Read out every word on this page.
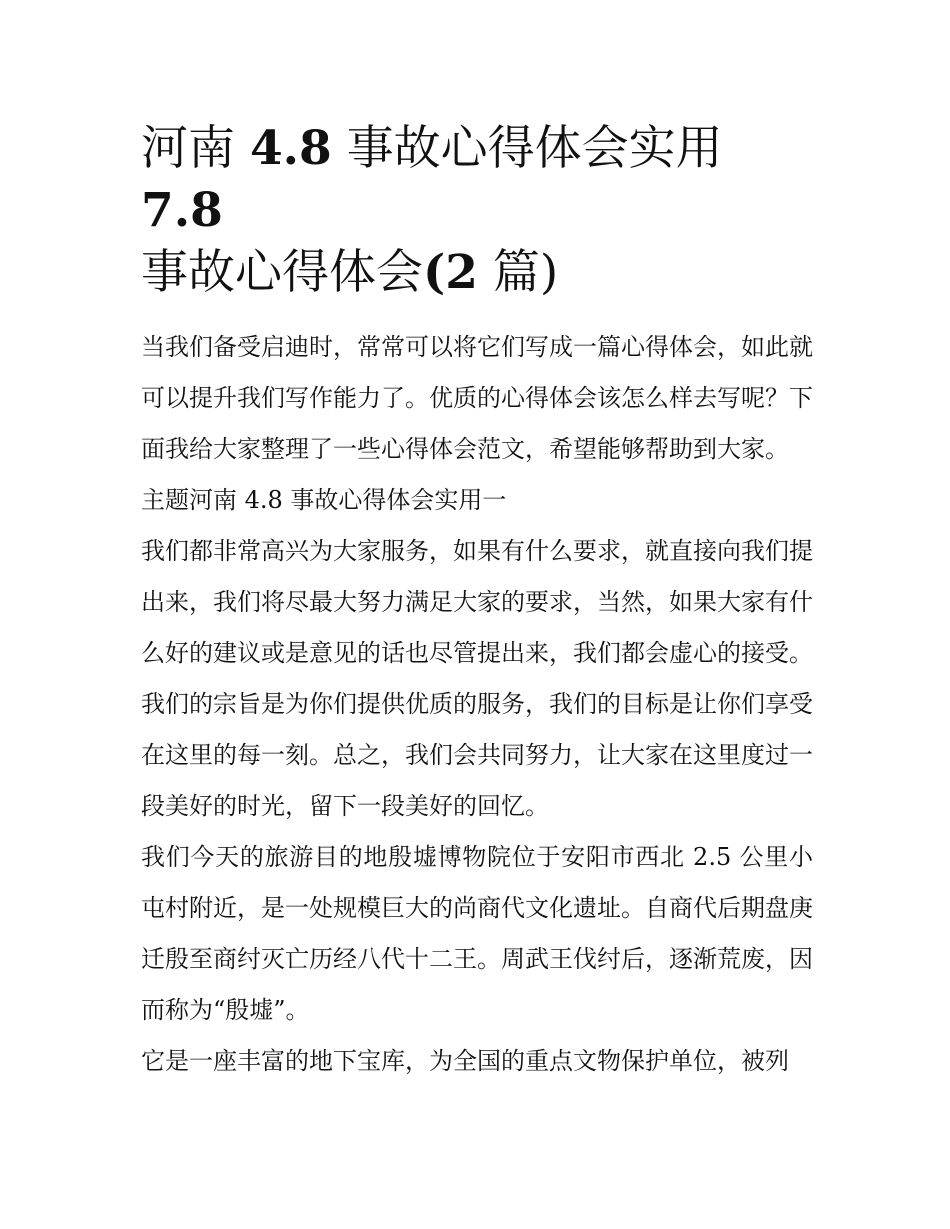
河南 4.8 事故心得体会实用 7.8
事故心得体会(2 篇)

当我们备受启迪时，常常可以将它们写成一篇心得体会，如此就可以提升我们写作能力了。优质的心得体会该怎么样去写呢？下面我给大家整理了一些心得体会范文，希望能够帮助到大家。

主题河南 4.8 事故心得体会实用一

我们都非常高兴为大家服务，如果有什么要求，就直接向我们提出来，我们将尽最大努力满足大家的要求，当然，如果大家有什么好的建议或是意见的话也尽管提出来，我们都会虚心的接受。我们的宗旨是为你们提供优质的服务，我们的目标是让你们享受在这里的每一刻。总之，我们会共同努力，让大家在这里度过一段美好的时光，留下一段美好的回忆。

我们今天的旅游目的地殷墟博物院位于安阳市西北 2.5 公里小屯村附近，是一处规模巨大的尚商代文化遗址。自商代后期盘庚迁殷至商纣灭亡历经八代十二王。周武王伐纣后，逐渐荒废，因而称为“殷墟”。

它是一座丰富的地下宝库，为全国的重点文物保护单位，被列
